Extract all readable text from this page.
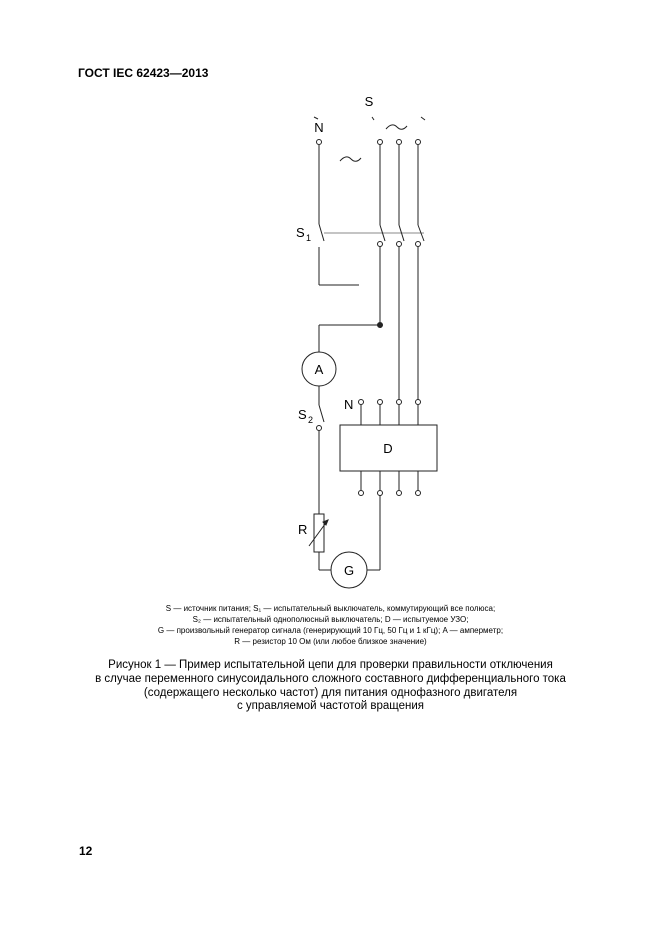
ГОСТ IEC 62423—2013
S
N
S 1
A
S 2
N
D
R
G
S — источник питания; S₁ — испытательный выключатель, коммутирующий все полюса;
S₂ — испытательный однополюсный выключатель; D — испытуемое УЗО;
G — произвольный генератор сигнала (генерирующий 10 Гц, 50 Гц и 1 кГц); A — амперметр;
R — резистор 10 Ом (или любое близкое значение)
Рисунок 1 — Пример испытательной цепи для проверки правильности отключения
в случае переменного синусоидального сложного составного дифференциального тока
(содержащего несколько частот) для питания однофазного двигателя
с управляемой частотой вращения
12
